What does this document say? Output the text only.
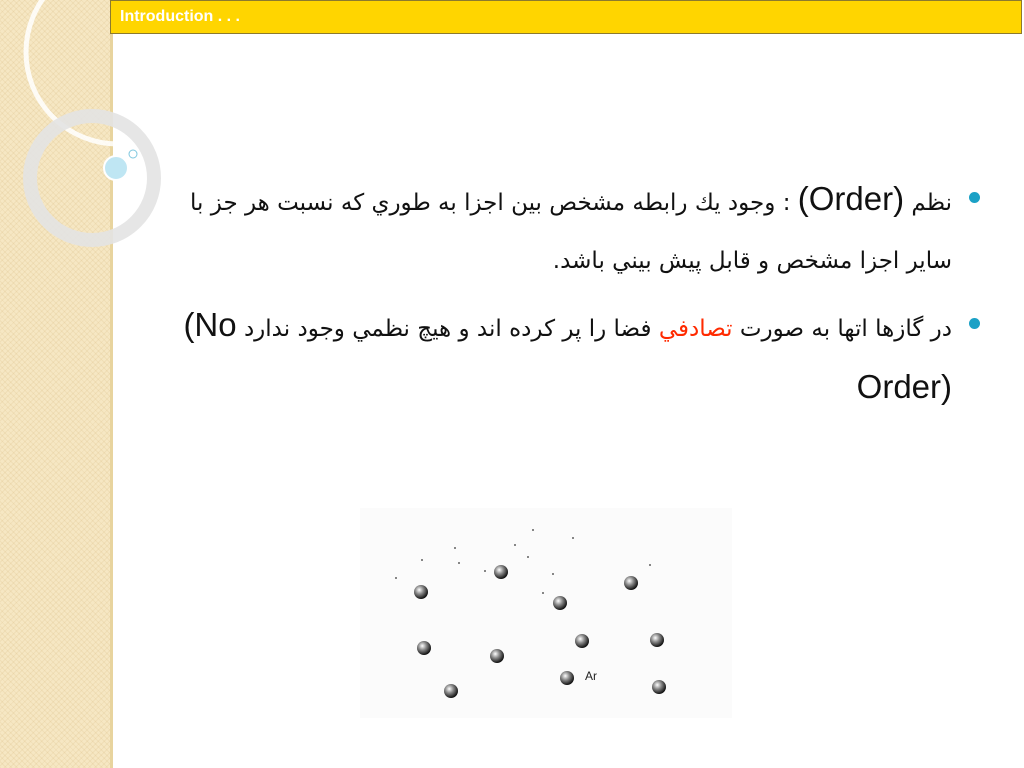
Introduction . . .
نظم (Order) : وجود يك رابطه مشخص بين اجزا به طوري كه نسبت هر جز با ساير اجزا مشخص و قابل پيش بيني باشد.
در گازها اتها به صورت تصادفي فضا را پر كرده اند و هيچ نظمي وجود ندارد (No Order)
Ar
